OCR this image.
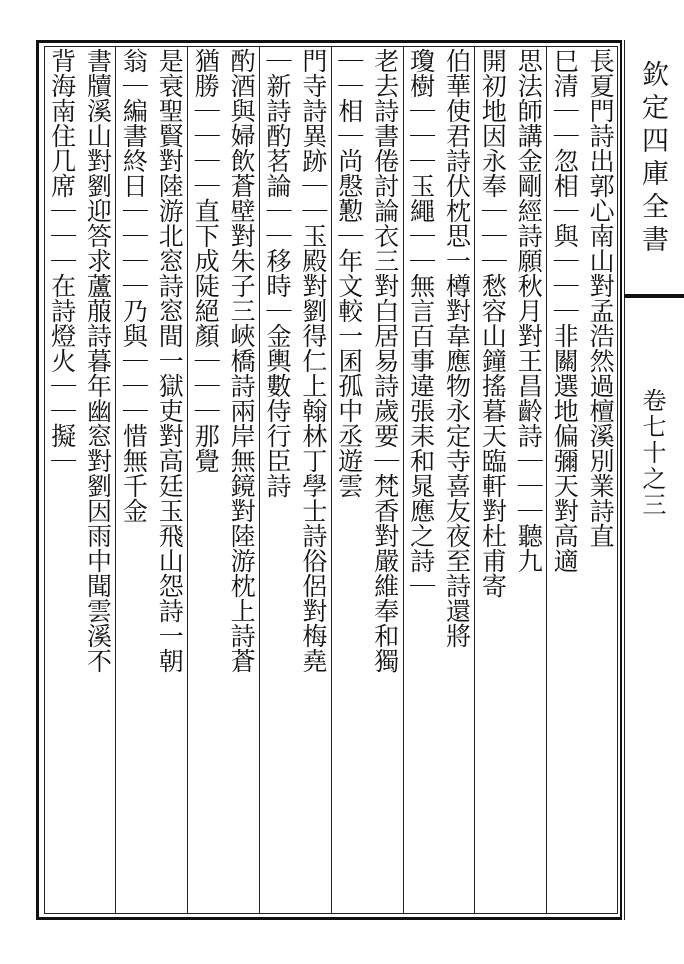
欽定四庫全書
卷七十之三
長夏門詩出郭心南山對孟浩然過檀溪別業詩直
巳清｜｜忽相｜與｜｜｜非關選地偏彌天對高適
思法師講金剛經詩願秋月對王昌齡詩｜｜｜聽九
開初地因永奉｜｜｜愁容山鐘搖暮天臨軒對杜甫寄
伯華使君詩伏枕思一樽對韋應物永定寺喜友夜至詩還將
瓊樹｜｜｜玉繩｜｜無言百事違張耒和晁應之詩｜
老去詩書倦討論衣三對白居易詩歲要｜梵香對嚴維奉和獨
｜｜相｜尚慇懃｜年文較一囷孤中丞遊雲
門寺詩異跡｜｜玉殿對劉得仁上翰林丁學士詩俗侶對梅堯
｜新詩酌茗論｜｜移時｜金輿數侍行臣詩
酌酒與婦飲蒼壁對朱子三峽橋詩兩岸無鏡對陸游枕上詩蒼
猶勝｜｜｜｜直下成陡絕顏｜｜｜那覺
是衰聖賢對陸游北窓詩窓間一獄吏對高廷玉飛山怨詩一朝
翁｜編書終日｜｜｜｜乃與｜｜｜惜無千金
書牘溪山對劉迎答求蘆菔詩暮年幽窓對劉因雨中聞雲溪不
背海南住几席｜｜｜在詩燈火｜｜擬｜
